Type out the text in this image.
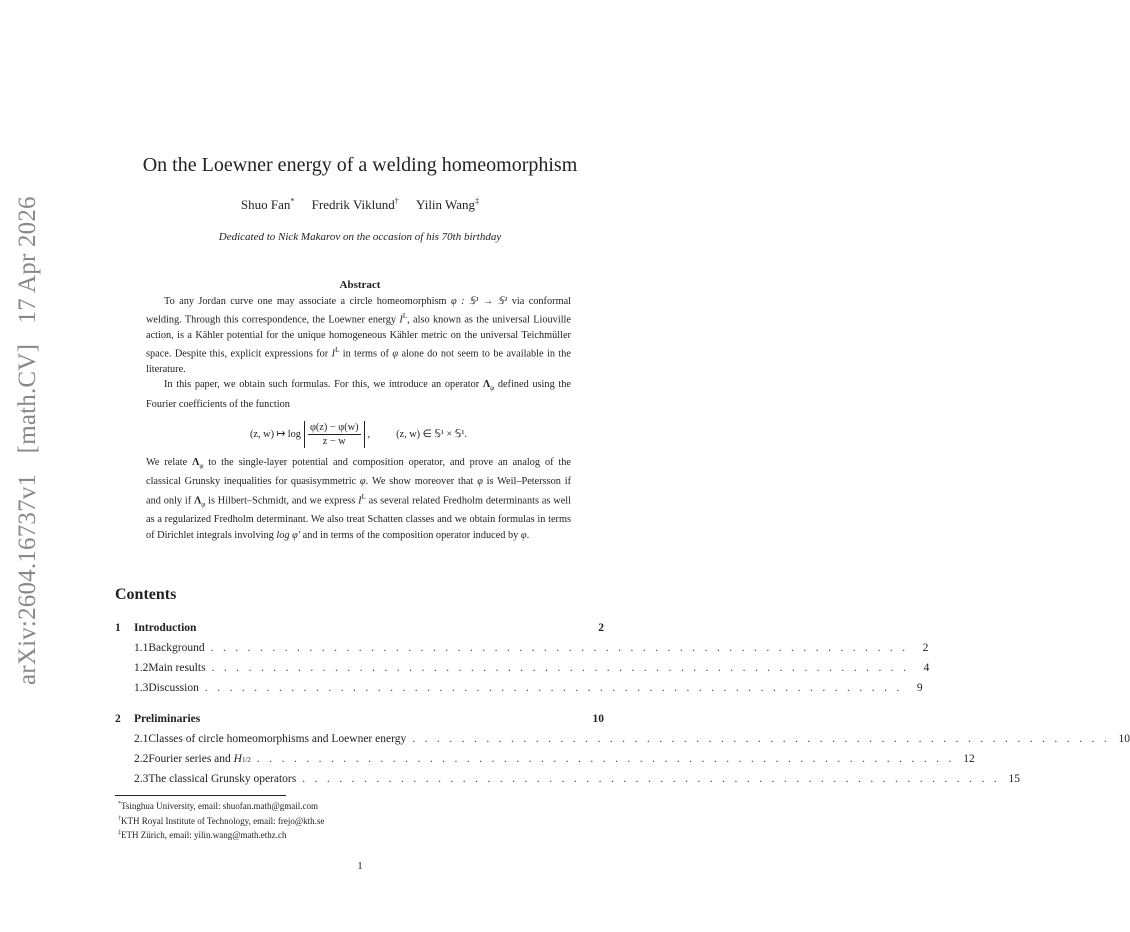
arXiv:2604.16737v1 [math.CV] 17 Apr 2026
On the Loewner energy of a welding homeomorphism
Shuo Fan* Fredrik Viklund† Yilin Wang‡
Dedicated to Nick Makarov on the occasion of his 70th birthday
Abstract

To any Jordan curve one may associate a circle homeomorphism φ : 𝕊¹ → 𝕊¹ via conformal welding. Through this correspondence, the Loewner energy $I^L$, also known as the universal Liouville action, is a Kähler potential for the unique homogeneous Kähler metric on the universal Teichmüller space. Despite this, explicit expressions for $I^L$ in terms of φ alone do not seem to be available in the literature.

In this paper, we obtain such formulas. For this, we introduce an operator $\Lambda_\varphi$ defined using the Fourier coefficients of the function

(z, w) ↦ $\log \frac{\varphi(z) - \varphi(w)}{z - w}$ ,	(z, w) ∈ 𝕊¹ × 𝕊¹.

We relate $\Lambda_\varphi$ to the single-layer potential and composition operator, and prove an analog of the classical Grunsky inequalities for quasisymmetric φ. We show moreover that φ is Weil–Petersson if and only if $\Lambda_\varphi$ is Hilbert–Schmidt, and we express $I^L$ as several related Fredholm determinants as well as a regularized Fredholm determinant. We also treat Schatten classes and we obtain formulas in terms of Dirichlet integrals involving log φ′ and in terms of the composition operator induced by φ.

Contents
1	Introduction	2
1.1 Background . . . . . . . . . . . . . . . . . . . . . . . . . . . . . . . . . . . . . . . . . . . . . . . . . . . . . . . . .	2
1.2 Main results . . . . . . . . . . . . . . . . . . . . . . . . . . . . . . . . . . . . . . . . . . . . . . . . . . . . . . . . .	4
1.3 Discussion . . . . . . . . . . . . . . . . . . . . . . . . . . . . . . . . . . . . . . . . . . . . . . . . . . . . . . . . .	9
2	Preliminaries	10
2.1 Classes of circle homeomorphisms and Loewner energy . . . . . . . . . . . . . . . . . . . . . . . . . . . . . . . . . . . . . . . . . . . . . . . . . . . . . . . . . 10
2.2 Fourier series and
H 1/2 . . . . . . . . . . . . . . . . . . . . . . . . . . . . . . . . . . . . . . . . . . . . . . . . . . . . . . . . . 12
2.3 The classical Grunsky operators . . . . . . . . . . . . . . . . . . . . . . . . . . . . . . . . . . . . . . . . . . . . . . . . . . . . . . . . . 15
*Tsinghua University, email: shuofan.math@gmail.com
†KTH Royal Institute of Technology, email: frejo@kth.se
‡ETH Zürich, email: yilin.wang@math.ethz.ch
1
